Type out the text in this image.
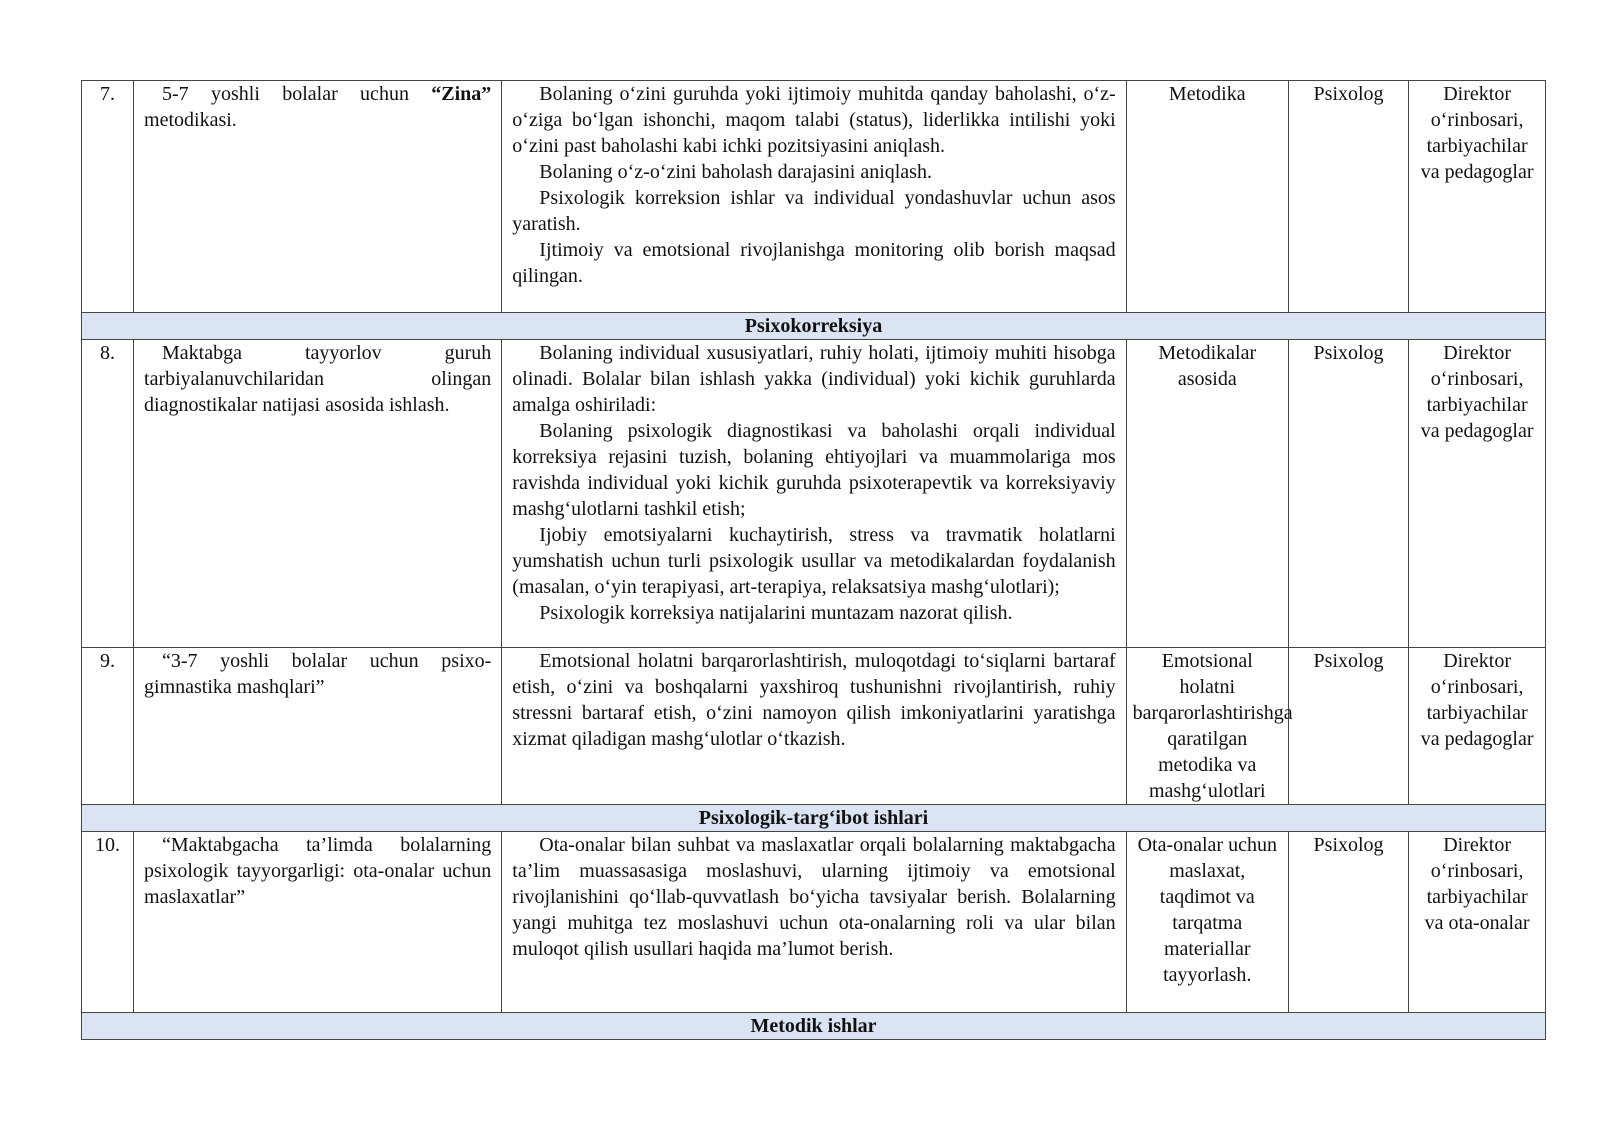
7.	5-7 yoshli bolalar uchun “Zina” metodikasi.	Bolaning o‘zini guruhda yoki ijtimoiy muhitda qanday baholashi, o‘z-o‘ziga bo‘lgan ishonchi, maqom talabi (status), liderlikka intilishi yoki o‘zini past baholashi kabi ichki pozitsiyasini aniqlash.

Bolaning o‘z-o‘zini baholash darajasini aniqlash.

Psixologik korreksion ishlar va individual yondashuvlar uchun asos yaratish.

Ijtimoiy va emotsional rivojlanishga monitoring olib borish maqsad qilingan.	Metodika	Psixolog	Direktor o‘rinbosari, tarbiyachilar va pedagoglar
Psixokorreksiya					
8.	Maktabga tayyorlov guruh tarbiyalanuvchilaridan olingan diagnostikalar natijasi asosida ishlash.	Bolaning individual xususiyatlari, ruhiy holati, ijtimoiy muhiti hisobga olinadi. Bolalar bilan ishlash yakka (individual) yoki kichik guruhlarda amalga oshiriladi:

Bolaning psixologik diagnostikasi va baholashi orqali individual korreksiya rejasini tuzish, bolaning ehtiyojlari va muammolariga mos ravishda individual yoki kichik guruhda psixoterapevtik va korreksiyaviy mashg‘ulotlarni tashkil etish;

Ijobiy emotsiyalarni kuchaytirish, stress va travmatik holatlarni yumshatish uchun turli psixologik usullar va metodikalardan foydalanish (masalan, o‘yin terapiyasi, art-terapiya, relaksatsiya mashg‘ulotlari);

Psixologik korreksiya natijalarini muntazam nazorat qilish.	Metodikalar asosida	Psixolog	Direktor o‘rinbosari, tarbiyachilar va pedagoglar
9.	“3-7 yoshli bolalar uchun psixo-gimnastika mashqlari”	Emotsional holatni barqarorlashtirish, muloqotdagi to‘siqlarni bartaraf etish, o‘zini va boshqalarni yaxshiroq tushunishni rivojlantirish, ruhiy stressni bartaraf etish, o‘zini namoyon qilish imkoniyatlarini yaratishga xizmat qiladigan mashg‘ulotlar o‘tkazish.	Emotsional holatni barqarorlashtirishga qaratilgan metodika va mashg‘ulotlari	Psixolog	Direktor o‘rinbosari, tarbiyachilar va pedagoglar
Psixologik-targ‘ibot ishlari					
10.	“Maktabgacha ta’limda bolalarning psixologik tayyorgarligi: ota-onalar uchun maslaxatlar”	Ota-onalar bilan suhbat va maslaxatlar orqali bolalarning maktabgacha ta’lim muassasasiga moslashuvi, ularning ijtimoiy va emotsional rivojlanishini qo‘llab-quvvatlash bo‘yicha tavsiyalar berish. Bolalarning yangi muhitga tez moslashuvi uchun ota-onalarning roli va ular bilan muloqot qilish usullari haqida ma’lumot berish.	Ota-onalar uchun maslaxat, taqdimot va tarqatma materiallar tayyorlash.	Psixolog	Direktor o‘rinbosari, tarbiyachilar va ota-onalar
Metodik ishlar					
